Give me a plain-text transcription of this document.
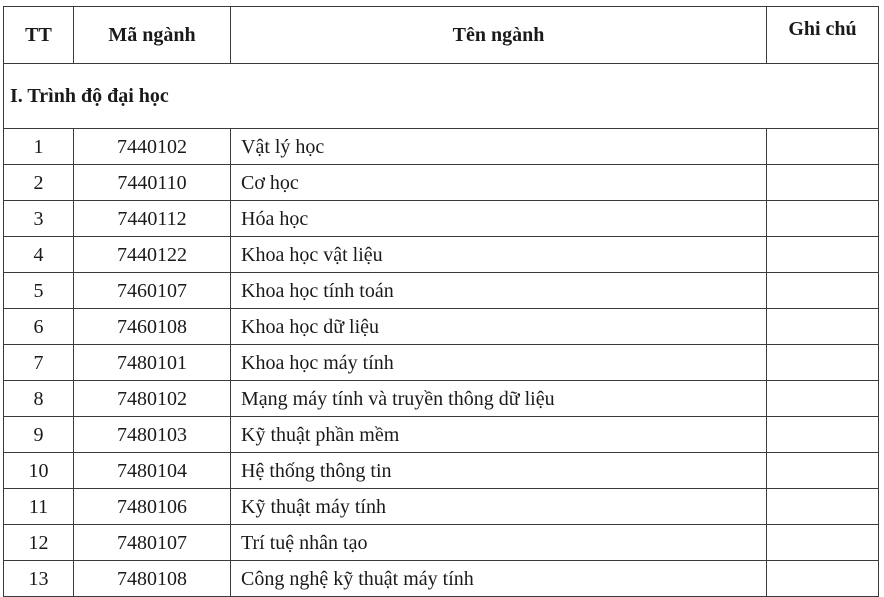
TT	Mã ngành	Tên ngành	Ghi chú
I. Trình độ đại học			
1	7440102	Vật lý học	
2	7440110	Cơ học	
3	7440112	Hóa học	
4	7440122	Khoa học vật liệu	
5	7460107	Khoa học tính toán	
6	7460108	Khoa học dữ liệu	
7	7480101	Khoa học máy tính	
8	7480102	Mạng máy tính và truyền thông dữ liệu	
9	7480103	Kỹ thuật phần mềm	
10	7480104	Hệ thống thông tin	
11	7480106	Kỹ thuật máy tính	
12	7480107	Trí tuệ nhân tạo	
13	7480108	Công nghệ kỹ thuật máy tính	
